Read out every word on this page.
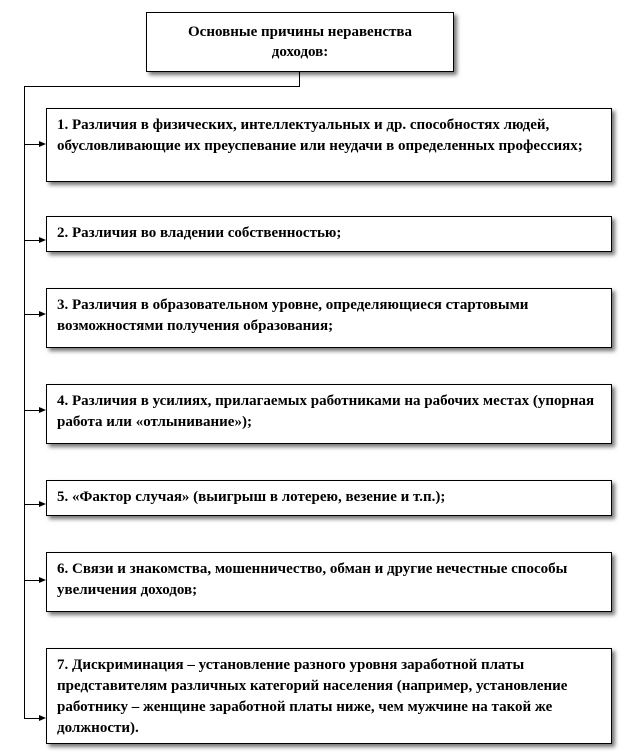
Основные причины неравенства доходов:
1. Различия в физических, интеллектуальных и др. способностях людей, обусловливающие их преуспевание или неудачи в определенных профессиях;
2. Различия во владении собственностью;
3. Различия в образовательном уровне, определяющиеся стартовыми возможностями получения образования;
4. Различия в усилиях, прилагаемых работниками на рабочих местах (упорная работа или «отлынивание»);
5. «Фактор случая» (выигрыш в лотерею, везение и т.п.);
6. Связи и знакомства, мошенничество, обман и другие нечестные способы увеличения доходов;
7. Дискриминация – установление разного уровня заработной платы представителям различных категорий населения (например, установление работнику – женщине заработной платы ниже, чем мужчине на такой же должности).
